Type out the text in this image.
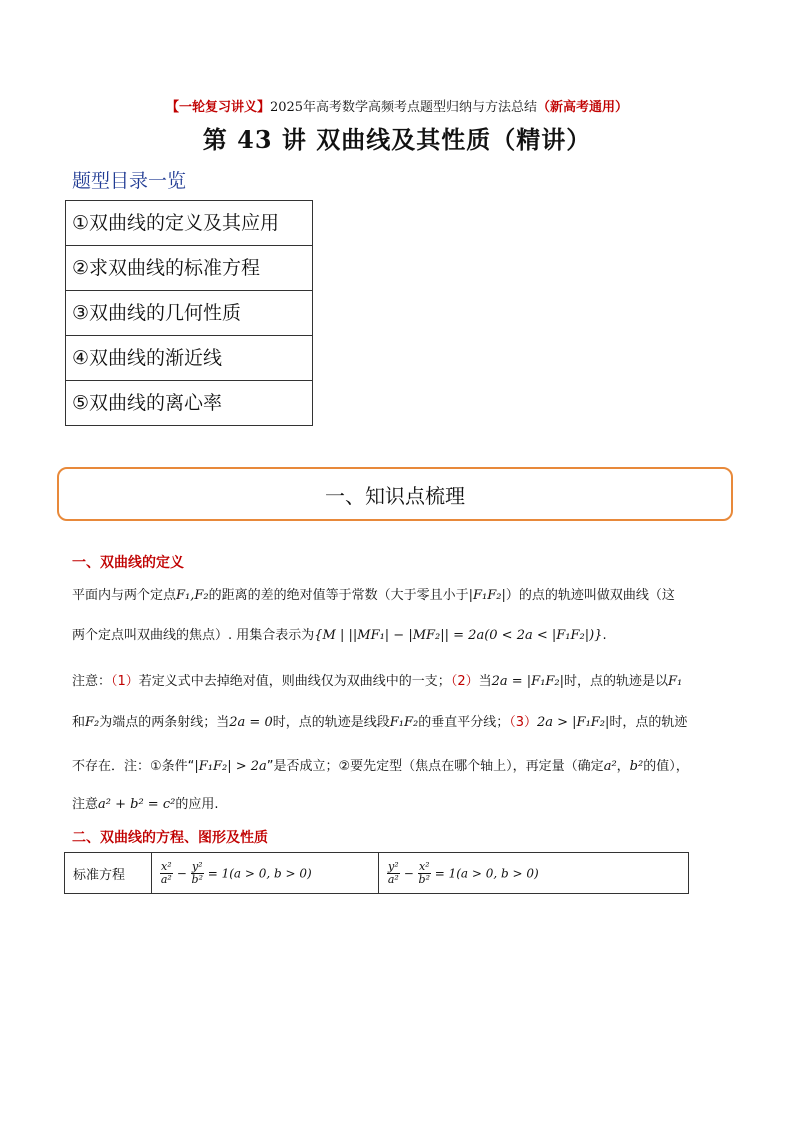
【一轮复习讲义】2025年高考数学高频考点题型归纳与方法总结（新高考通用）
第 43 讲 双曲线及其性质（精讲）
题型目录一览
①双曲线的定义及其应用
②求双曲线的标准方程
③双曲线的几何性质
④双曲线的渐近线
⑤双曲线的离心率
一、知识点梳理
一、双曲线的定义
平面内与两个定点F₁,F₂的距离的差的绝对值等于常数（大于零且小于|F₁F₂|）的点的轨迹叫做双曲线（这
两个定点叫双曲线的焦点）. 用集合表示为{M | ||MF₁| − |MF₂|| = 2a(0 < 2a < |F₁F₂|)}.
注意：（1）若定义式中去掉绝对值，则曲线仅为双曲线中的一支；（2）当2a = |F₁F₂|时，点的轨迹是以F₁
和F₂为端点的两条射线；当2a = 0时，点的轨迹是线段F₁F₂的垂直平分线；（3）2a > |F₁F₂|时，点的轨迹
不存在．注：①条件“|F₁F₂| > 2a”是否成立；②要先定型（焦点在哪个轴上），再定量（确定a²，b²的值），
注意a² + b² = c²的应用.
二、双曲线的方程、图形及性质
标准方程	$\frac{\text{x²}}{\text{a²}} - \frac{\text{y²}}{\text{b²}} = 1(a > 0$, b > 0)	$\frac{\text{y²}}{\text{a²}} - \frac{\text{x²}}{\text{b²}} = 1(a > 0$, b > 0)
